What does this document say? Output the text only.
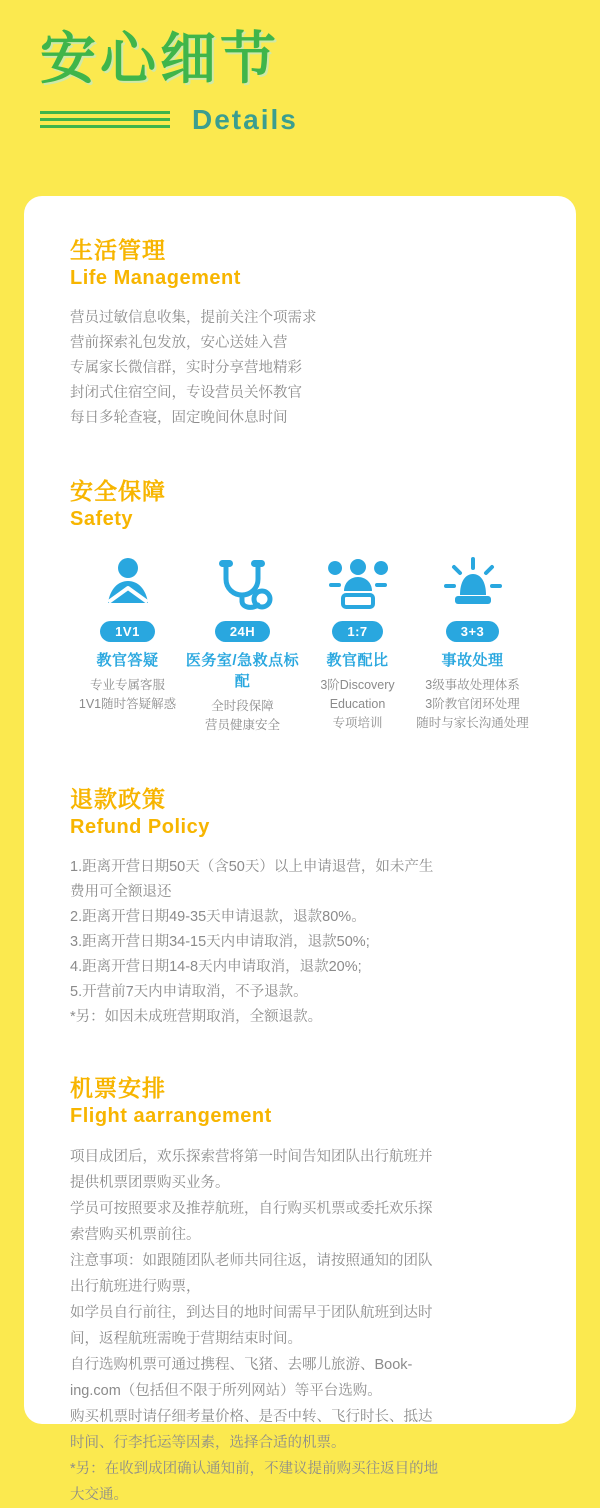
安心细节
Details
生活管理
Life Management
营员过敏信息收集，提前关注个项需求
营前探索礼包发放，安心送娃入营
专属家长微信群，实时分享营地精彩
封闭式住宿空间，专设营员关怀教官
每日多轮查寝，固定晚间休息时间
安全保障
Safety
1V1
教官答疑
专业专属客服
1V1随时答疑解惑
24H
医务室/急救点标配
全时段保障
营员健康安全
1:7
教官配比
3阶Discovery
Education
专项培训
3+3
事故处理
3级事故处理体系
3阶教官闭环处理
随时与家长沟通处理
退款政策
Refund Policy
1.距离开营日期50天（含50天）以上申请退营，如未产生
费用可全额退还
2.距离开营日期49-35天申请退款，退款80%。
3.距离开营日期34-15天内申请取消，退款50%;
4.距离开营日期14-8天内申请取消，退款20%;
5.开营前7天内申请取消，不予退款。
*另：如因未成班营期取消，全额退款。
机票安排
Flight aarrangement
项目成团后，欢乐探索营将第一时间告知团队出行航班并
提供机票团票购买业务。
学员可按照要求及推荐航班，自行购买机票或委托欢乐探
索营购买机票前往。
注意事项：如跟随团队老师共同往返，请按照通知的团队
出行航班进行购票，
如学员自行前往，到达目的地时间需早于团队航班到达时
间，返程航班需晚于营期结束时间。
自行选购机票可通过携程、飞猪、去哪儿旅游、Book-
ing.com（包括但不限于所列网站）等平台选购。
购买机票时请仔细考量价格、是否中转、飞行时长、抵达
时间、行李托运等因素，选择合适的机票。
*另：在收到成团确认通知前，不建议提前购买往返目的地
大交通。
